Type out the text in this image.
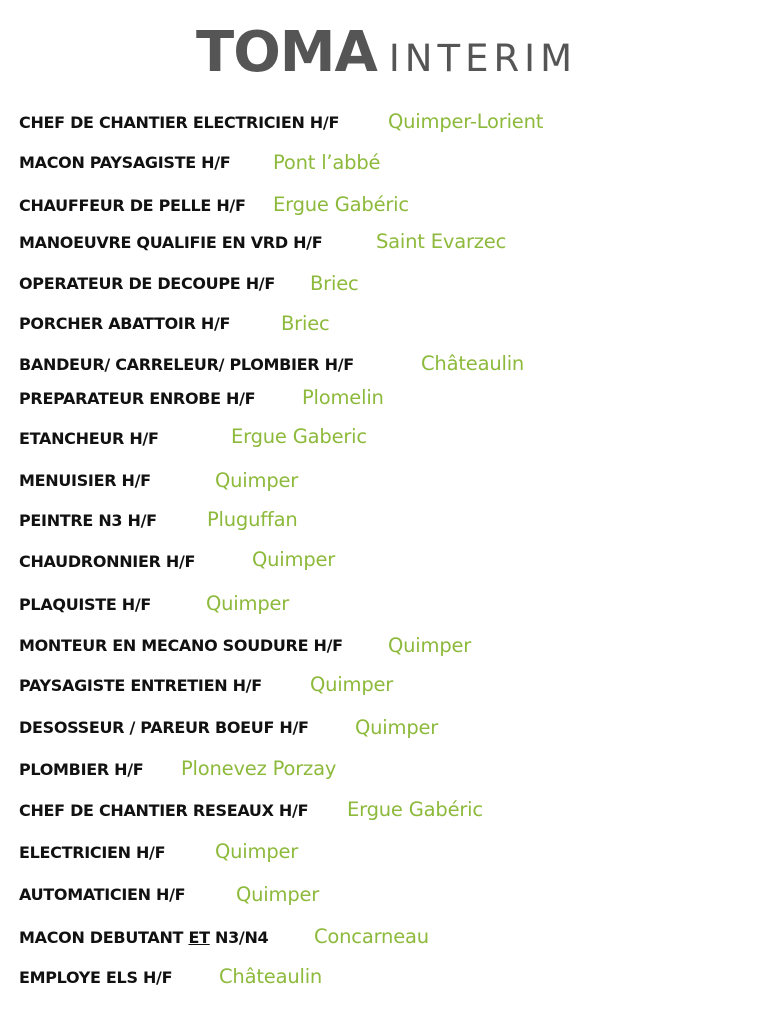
TOMA INTERIM
CHEF DE CHANTIER ELECTRICIEN H/F	Quimper-Lorient
MACON PAYSAGISTE H/F Pont l’abbé
CHAUFFEUR DE PELLE H/F Ergue Gabéric
MANOEUVRE QUALIFIE EN VRD H/F	Saint Evarzec
OPERATEUR DE DECOUPE H/F Briec
PORCHER ABATTOIR H/F	Briec
BANDEUR/ CARRELEUR/ PLOMBIER H/F	Châteaulin
PREPARATEUR ENROBE H/F Plomelin
ETANCHEUR H/F	Ergue Gaberic
MENUISIER H/F	Quimper
PEINTRE N3 H/F	Pluguffan
CHAUDRONNIER H/F	Quimper
PLAQUISTE H/F	Quimper
MONTEUR EN MECANO SOUDURE H/F Quimper
PAYSAGISTE ENTRETIEN H/F Quimper
DESOSSEUR / PAREUR BOEUF H/F Quimper
PLOMBIER H/F Plonevez Porzay
CHEF DE CHANTIER RESEAUX H/F Ergue Gabéric
ELECTRICIEN H/F	Quimper
AUTOMATICIEN H/F	Quimper
MACON DEBUTANT ET N3/N4 Concarneau
EMPLOYE ELS H/F Châteaulin
